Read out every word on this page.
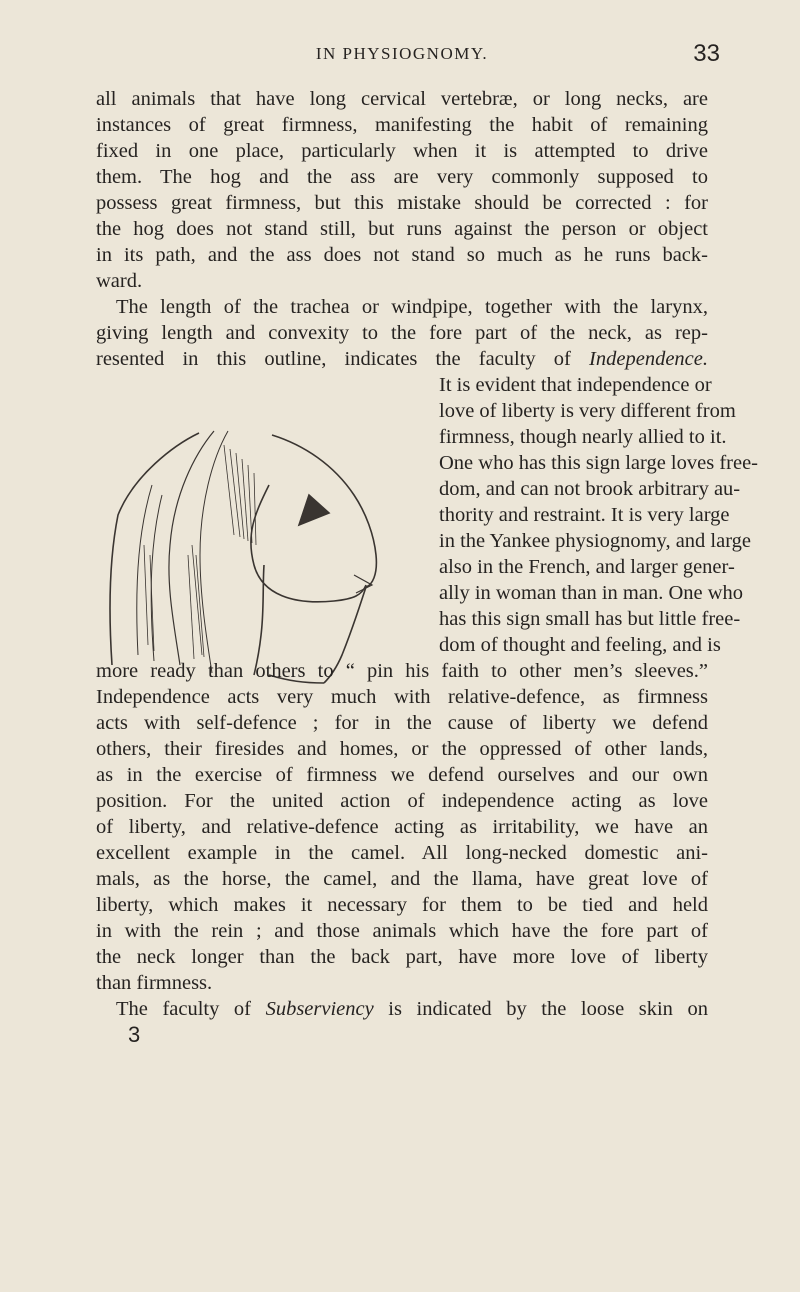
IN PHYSIOGNOMY.	33
all animals that have long cervical vertebræ, or long necks, are
instances of great firmness, manifesting the habit of remaining
fixed in one place, particularly when it is attempted to drive
them. The hog and the ass are very commonly supposed to
possess great firmness, but this mistake should be corrected : for
the hog does not stand still, but runs against the person or object
in its path, and the ass does not stand so much as he runs back-
ward.
The length of the trachea or windpipe, together with the larynx,
giving length and convexity to the fore part of the neck, as rep-
resented in this outline, indicates the faculty of Independence.
It is evident that independence or
love of liberty is very different from
firmness, though nearly allied to it.
One who has this sign large loves free-
dom, and can not brook arbitrary au-
thority and restraint. It is very large
in the Yankee physiognomy, and large
also in the French, and larger gener-
ally in woman than in man. One who
has this sign small has but little free-
dom of thought and feeling, and is
more ready than others to “ pin his faith to other men’s sleeves.”
Independence acts very much with relative-defence, as firmness
acts with self-defence ; for in the cause of liberty we defend
others, their firesides and homes, or the oppressed of other lands,
as in the exercise of firmness we defend ourselves and our own
position. For the united action of independence acting as love
of liberty, and relative-defence acting as irritability, we have an
excellent example in the camel. All long-necked domestic ani-
mals, as the horse, the camel, and the llama, have great love of
liberty, which makes it necessary for them to be tied and held
in with the rein ; and those animals which have the fore part of
the neck longer than the back part, have more love of liberty
than firmness.
The faculty of Subserviency is indicated by the loose skin on
3
